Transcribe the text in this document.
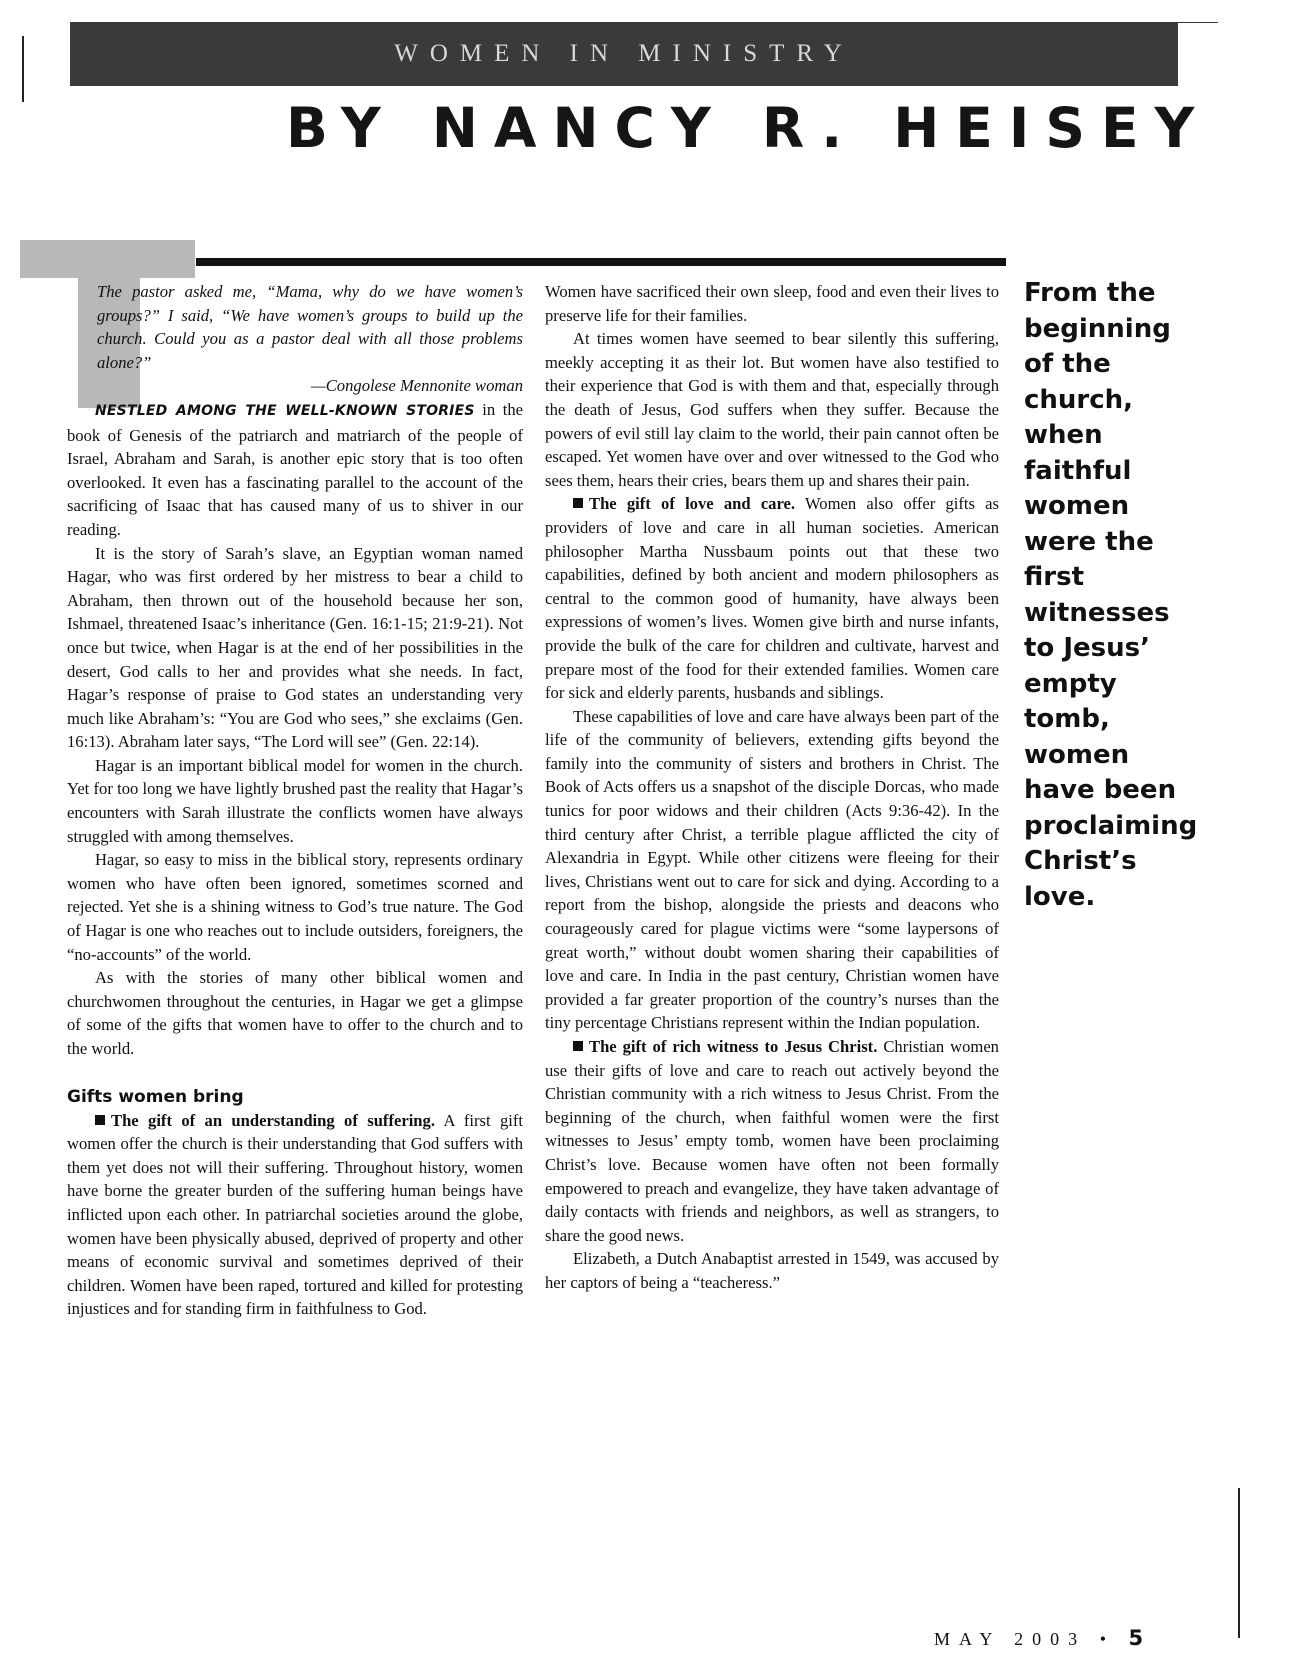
WOMEN IN MINISTRY
BY NANCY R. HEISEY

The pastor asked me, “Mama, why do we have women’s groups?” I said, “We have women’s groups to build up the church. Could you as a pastor deal with all those problems alone?”

—Congolese Mennonite woman

NESTLED AMONG THE WELL-KNOWN STORIES in the book of Genesis of the patriarch and matriarch of the people of Israel, Abraham and Sarah, is another epic story that is too often overlooked. It even has a fascinating parallel to the account of the sacrificing of Isaac that has caused many of us to shiver in our reading.

It is the story of Sarah’s slave, an Egyptian woman named Hagar, who was first ordered by her mistress to bear a child to Abraham, then thrown out of the household because her son, Ishmael, threatened Isaac’s inheritance (Gen. 16:1-15; 21:9-21). Not once but twice, when Hagar is at the end of her possibilities in the desert, God calls to her and provides what she needs. In fact, Hagar’s response of praise to God states an understanding very much like Abraham’s: “You are God who sees,” she exclaims (Gen. 16:13). Abraham later says, “The Lord will see” (Gen. 22:14).

Hagar is an important biblical model for women in the church. Yet for too long we have lightly brushed past the reality that Hagar’s encounters with Sarah illustrate the conflicts women have always struggled with among themselves.

Hagar, so easy to miss in the biblical story, represents ordinary women who have often been ignored, sometimes scorned and rejected. Yet she is a shining witness to God’s true nature. The God of Hagar is one who reaches out to include outsiders, foreigners, the “no-accounts” of the world.

As with the stories of many other biblical women and churchwomen throughout the centuries, in Hagar we get a glimpse of some of the gifts that women have to offer to the church and to the world.

Gifts women bring

The gift of an understanding of suffering. A first gift women offer the church is their understanding that God suffers with them yet does not will their suffering. Throughout history, women have borne the greater burden of the suffering human beings have inflicted upon each other. In patriarchal societies around the globe, women have been physically abused, deprived of property and other means of economic survival and sometimes deprived of their children. Women have been raped, tortured and killed for protesting injustices and for standing firm in faithfulness to God.

Women have sacrificed their own sleep, food and even their lives to preserve life for their families.

At times women have seemed to bear silently this suffering, meekly accepting it as their lot. But women have also testified to their experience that God is with them and that, especially through the death of Jesus, God suffers when they suffer. Because the powers of evil still lay claim to the world, their pain cannot often be escaped. Yet women have over and over witnessed to the God who sees them, hears their cries, bears them up and shares their pain.

The gift of love and care. Women also offer gifts as providers of love and care in all human societies. American philosopher Martha Nussbaum points out that these two capabilities, defined by both ancient and modern philosophers as central to the common good of humanity, have always been expressions of women’s lives. Women give birth and nurse infants, provide the bulk of the care for children and cultivate, harvest and prepare most of the food for their extended families. Women care for sick and elderly parents, husbands and siblings.

These capabilities of love and care have always been part of the life of the community of believers, extending gifts beyond the family into the community of sisters and brothers in Christ. The Book of Acts offers us a snapshot of the disciple Dorcas, who made tunics for poor widows and their children (Acts 9:36-42). In the third century after Christ, a terrible plague afflicted the city of Alexandria in Egypt. While other citizens were fleeing for their lives, Christians went out to care for sick and dying. According to a report from the bishop, alongside the priests and deacons who courageously cared for plague victims were “some laypersons of great worth,” without doubt women sharing their capabilities of love and care. In India in the past century, Christian women have provided a far greater proportion of the country’s nurses than the tiny percentage Christians represent within the Indian population.

The gift of rich witness to Jesus Christ. Christian women use their gifts of love and care to reach out actively beyond the Christian community with a rich witness to Jesus Christ. From the beginning of the church, when faithful women were the first witnesses to Jesus’ empty tomb, women have been proclaiming Christ’s love. Because women have often not been formally empowered to preach and evangelize, they have taken advantage of daily contacts with friends and neighbors, as well as strangers, to share the good news.

Elizabeth, a Dutch Anabaptist arrested in 1549, was accused by her captors of being a “teacheress.”

From the
beginning
of the
church,
when
faithful
women
were the
first
witnesses
to Jesus’
empty
tomb,
women
have been
proclaiming
Christ’s
love.
MAY 2003 • 5
